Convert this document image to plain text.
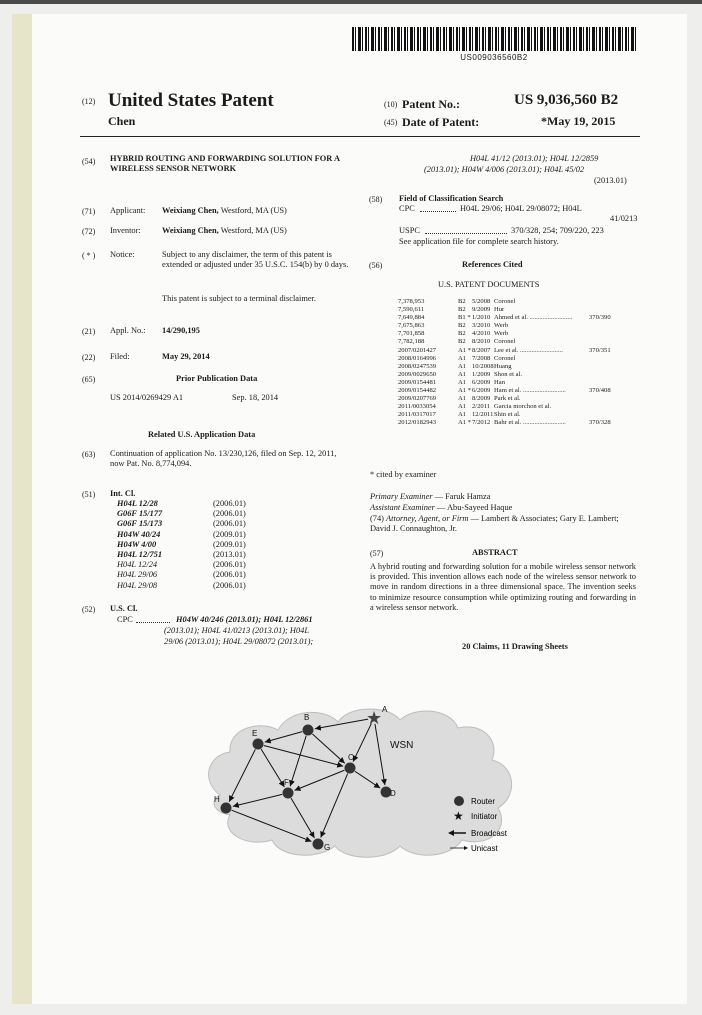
US009036560B2
(12) United States Patent
Chen
(10) Patent No.:	US 9,036,560 B2
(45) Date of Patent:	*May 19, 2015
(54) HYBRID ROUTING AND FORWARDING SOLUTION FOR A WIRELESS SENSOR NETWORK
(71) Applicant: Weixiang Chen, Westford, MA (US)
(72) Inventor:	Weixiang Chen, Westford, MA (US)
( * ) Notice:	Subject to any disclaimer, the term of this patent is extended or adjusted under 35 U.S.C. 154(b) by 0 days.
This patent is subject to a terminal disclaimer.
(21) Appl. No.: 14/290,195
(22) Filed:	May 29, 2014
(65)	Prior Publication Data
US 2014/0269429 A1	Sep. 18, 2014
Related U.S. Application Data
(63) Continuation of application No. 13/230,126, filed on Sep. 12, 2011, now Pat. No. 8,774,094.
(51) Int. Cl.
H04L 12/28	(2006.01)
G06F 15/177	(2006.01)
G06F 15/173	(2006.01)
H04W 40/24	(2009.01)
H04W 4/00	(2009.01)
H04L 12/751	(2013.01)
H04L 12/24	(2006.01)
H04L 29/06	(2006.01)
H04L 29/08	(2006.01)
(52) U.S. Cl.
CPC	H04W 40/246 (2013.01); H04L 12/2861
(2013.01); H04L 41/0213 (2013.01); H04L
29/06 (2013.01); H04L 29/08072 (2013.01);
H04L 41/12 (2013.01); H04L 12/2859
(2013.01); H04W 4/006 (2013.01); H04L 45/02
(2013.01)
(58) Field of Classification Search
CPC	H04L 29/06; H04L 29/08072; H04L
41/0213
USPC	370/328, 254; 709/220, 223
See application file for complete search history.
(56)	References Cited
U.S. PATENT DOCUMENTS
7,378,953	B2 5/2008 Coronel
7,590,611	B2 9/2009 Hur
7,649,884	B1 * 1/2010 Ahmed et al. ..........................	370/390
7,675,863	B2 3/2010 Werb
7,701,858	B2 4/2010 Werb
7,782,188	B2 8/2010 Coronel
2007/0201427	A1 * 8/2007 Lee et al. ..........................	370/351
2008/0164996	A1 7/2008 Coronel
2008/0247539	A1 10/2008 Huang
2009/0029650	A1 1/2009 Shon et al.
2009/0154481	A1 6/2009 Han
2009/0154482	A1 * 6/2009 Ham et al. ..........................	370/408
2009/0207769	A1 8/2009 Park et al.
2011/0033054	A1 2/2011 Garcia morchon et al.
2011/0317017	A1 12/2011 Shin et al.
2012/0182943	A1 * 7/2012 Bahr et al. ..........................	370/328
* cited by examiner
Primary Examiner — Faruk Hamza
Assistant Examiner — Abu-Sayeed Haque
(74) Attorney, Agent, or Firm — Lambert & Associates; Gary E. Lambert; David J. Connaughton, Jr.
(57)	ABSTRACT
A hybrid routing and forwarding solution for a mobile wireless sensor network is provided. This invention allows each node of the wireless sensor network to move in random directions in a three dimensional space. The invention seeks to minimize resource consumption while optimizing routing and forwarding in a wireless sensor network.
20 Claims, 11 Drawing Sheets
★ A
B
C
D
E
F
G
H
WSN
Router
★ Initiator
Broadcast
Unicast
